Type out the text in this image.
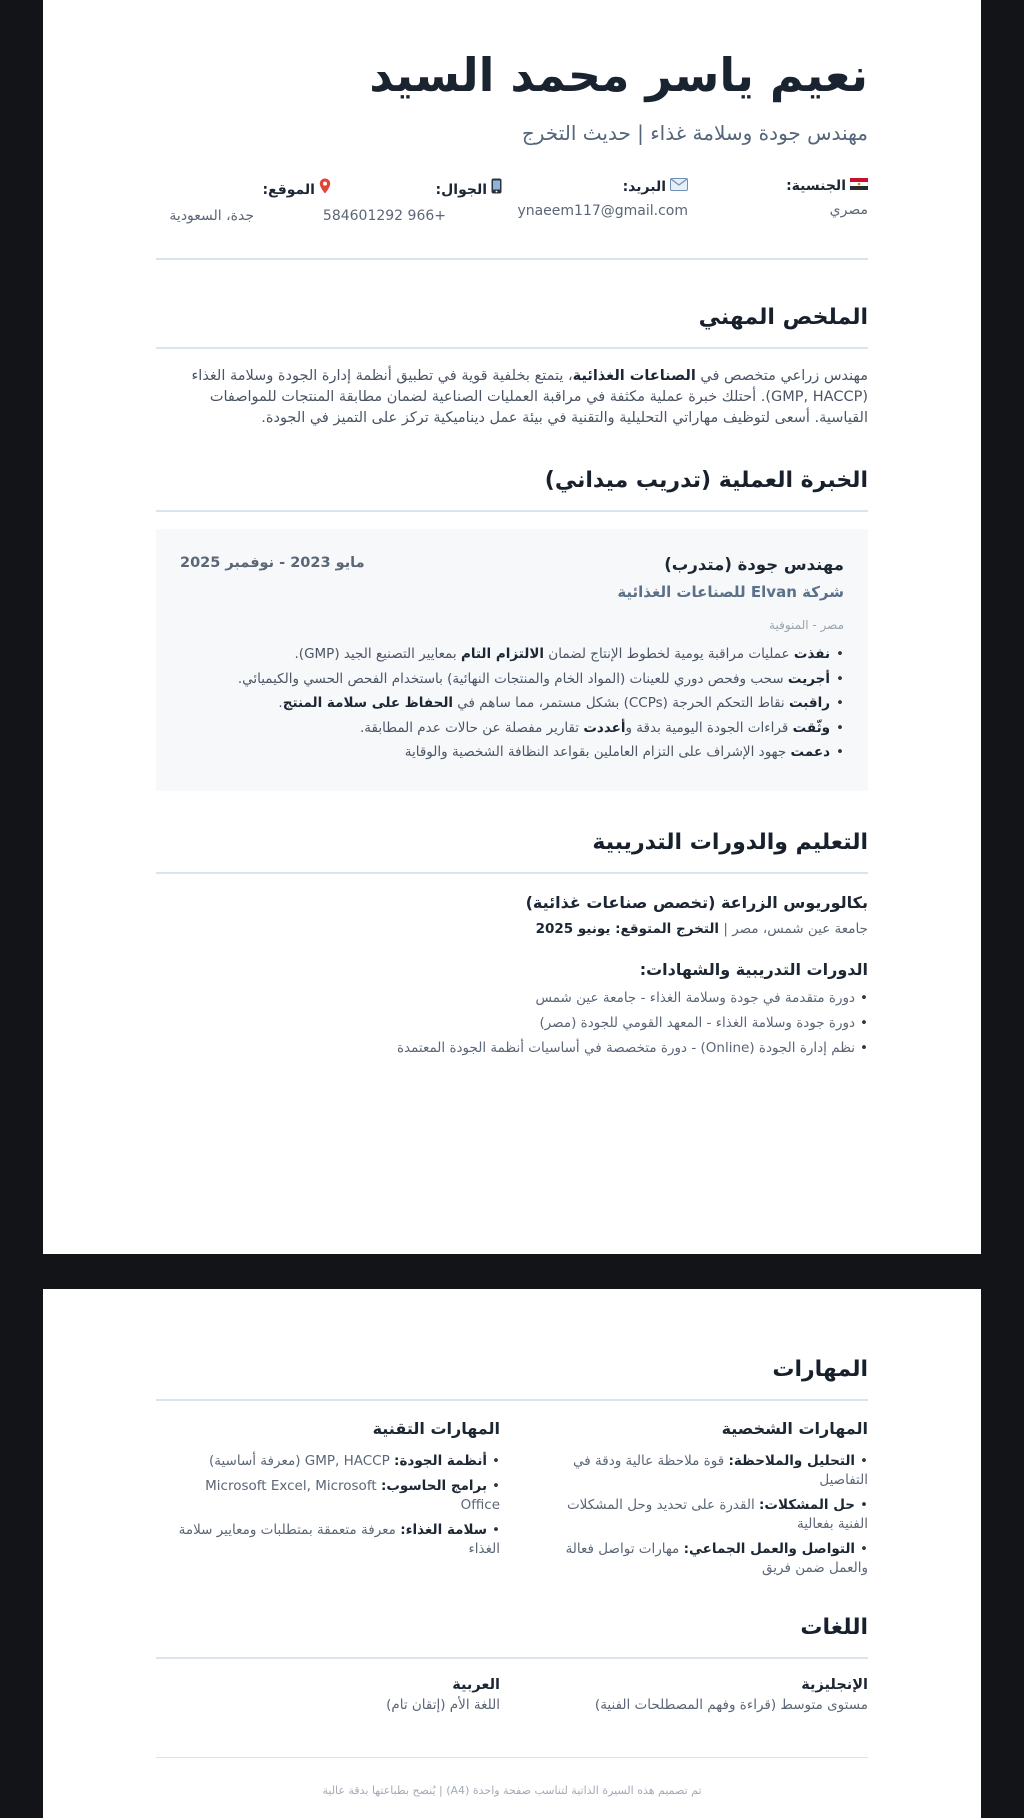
نعيم ياسر محمد السيد
مهندس جودة وسلامة غذاء | حديث التخرج
الجنسية:
مصري
البريد:
ynaeem117@gmail.com
الجوال:
+966 584601292
الموقع:
جدة، السعودية
الملخص المهني

مهندس زراعي متخصص في الصناعات الغذائية، يتمتع بخلفية قوية في تطبيق أنظمة إدارة الجودة وسلامة الغذاء (GMP, HACCP). أحتلك خبرة عملية مكثفة في مراقبة العمليات الصناعية لضمان مطابقة المنتجات للمواصفات القياسية. أسعى لتوظيف مهاراتي التحليلية والتقنية في بيئة عمل ديناميكية تركز على التميز في الجودة.

الخبرة العملية (تدريب ميداني)
مهندس جودة (متدرب)
مايو 2023 - نوفمبر 2025
شركة Elvan للصناعات الغذائية
مصر - المنوفية
• نفذت عمليات مراقبة يومية لخطوط الإنتاج لضمان الالتزام التام بمعايير التصنيع الجيد (GMP).
• أجريت سحب وفحص دوري للعينات (المواد الخام والمنتجات النهائية) باستخدام الفحص الحسي والكيميائي.
• راقبت نقاط التحكم الحرجة (CCPs) بشكل مستمر، مما ساهم في الحفاظ على سلامة المنتج.
• وثّقت قراءات الجودة اليومية بدقة وأعددت تقارير مفصلة عن حالات عدم المطابقة.
• دعمت جهود الإشراف على التزام العاملين بقواعد النظافة الشخصية والوقاية
التعليم والدورات التدريبية
بكالوريوس الزراعة (تخصص صناعات غذائية)
جامعة عين شمس، مصر | التخرج المتوقع: يونيو 2025
الدورات التدريبية والشهادات:
• دورة متقدمة في جودة وسلامة الغذاء - جامعة عين شمس
• دورة جودة وسلامة الغذاء - المعهد القومي للجودة (مصر)
• نظم إدارة الجودة (Online) - دورة متخصصة في أساسيات أنظمة الجودة المعتمدة
المهارات
المهارات الشخصية
• التحليل والملاحظة: قوة ملاحظة عالية ودقة في التفاصيل
• حل المشكلات: القدرة على تحديد وحل المشكلات الفنية بفعالية
• التواصل والعمل الجماعي: مهارات تواصل فعالة والعمل ضمن فريق
المهارات التقنية
• أنظمة الجودة: GMP, HACCP (معرفة أساسية)
• برامج الحاسوب: Microsoft Excel, Microsoft Office
• سلامة الغذاء: معرفة متعمقة بمتطلبات ومعايير سلامة الغذاء
اللغات
الإنجليزية
مستوى متوسط (قراءة وفهم المصطلحات الفنية)
العربية
اللغة الأم (إتقان تام)
تم تصميم هذه السيرة الذاتية لتناسب صفحة واحدة (A4) | يُنصح بطباعتها بدقة عالية
